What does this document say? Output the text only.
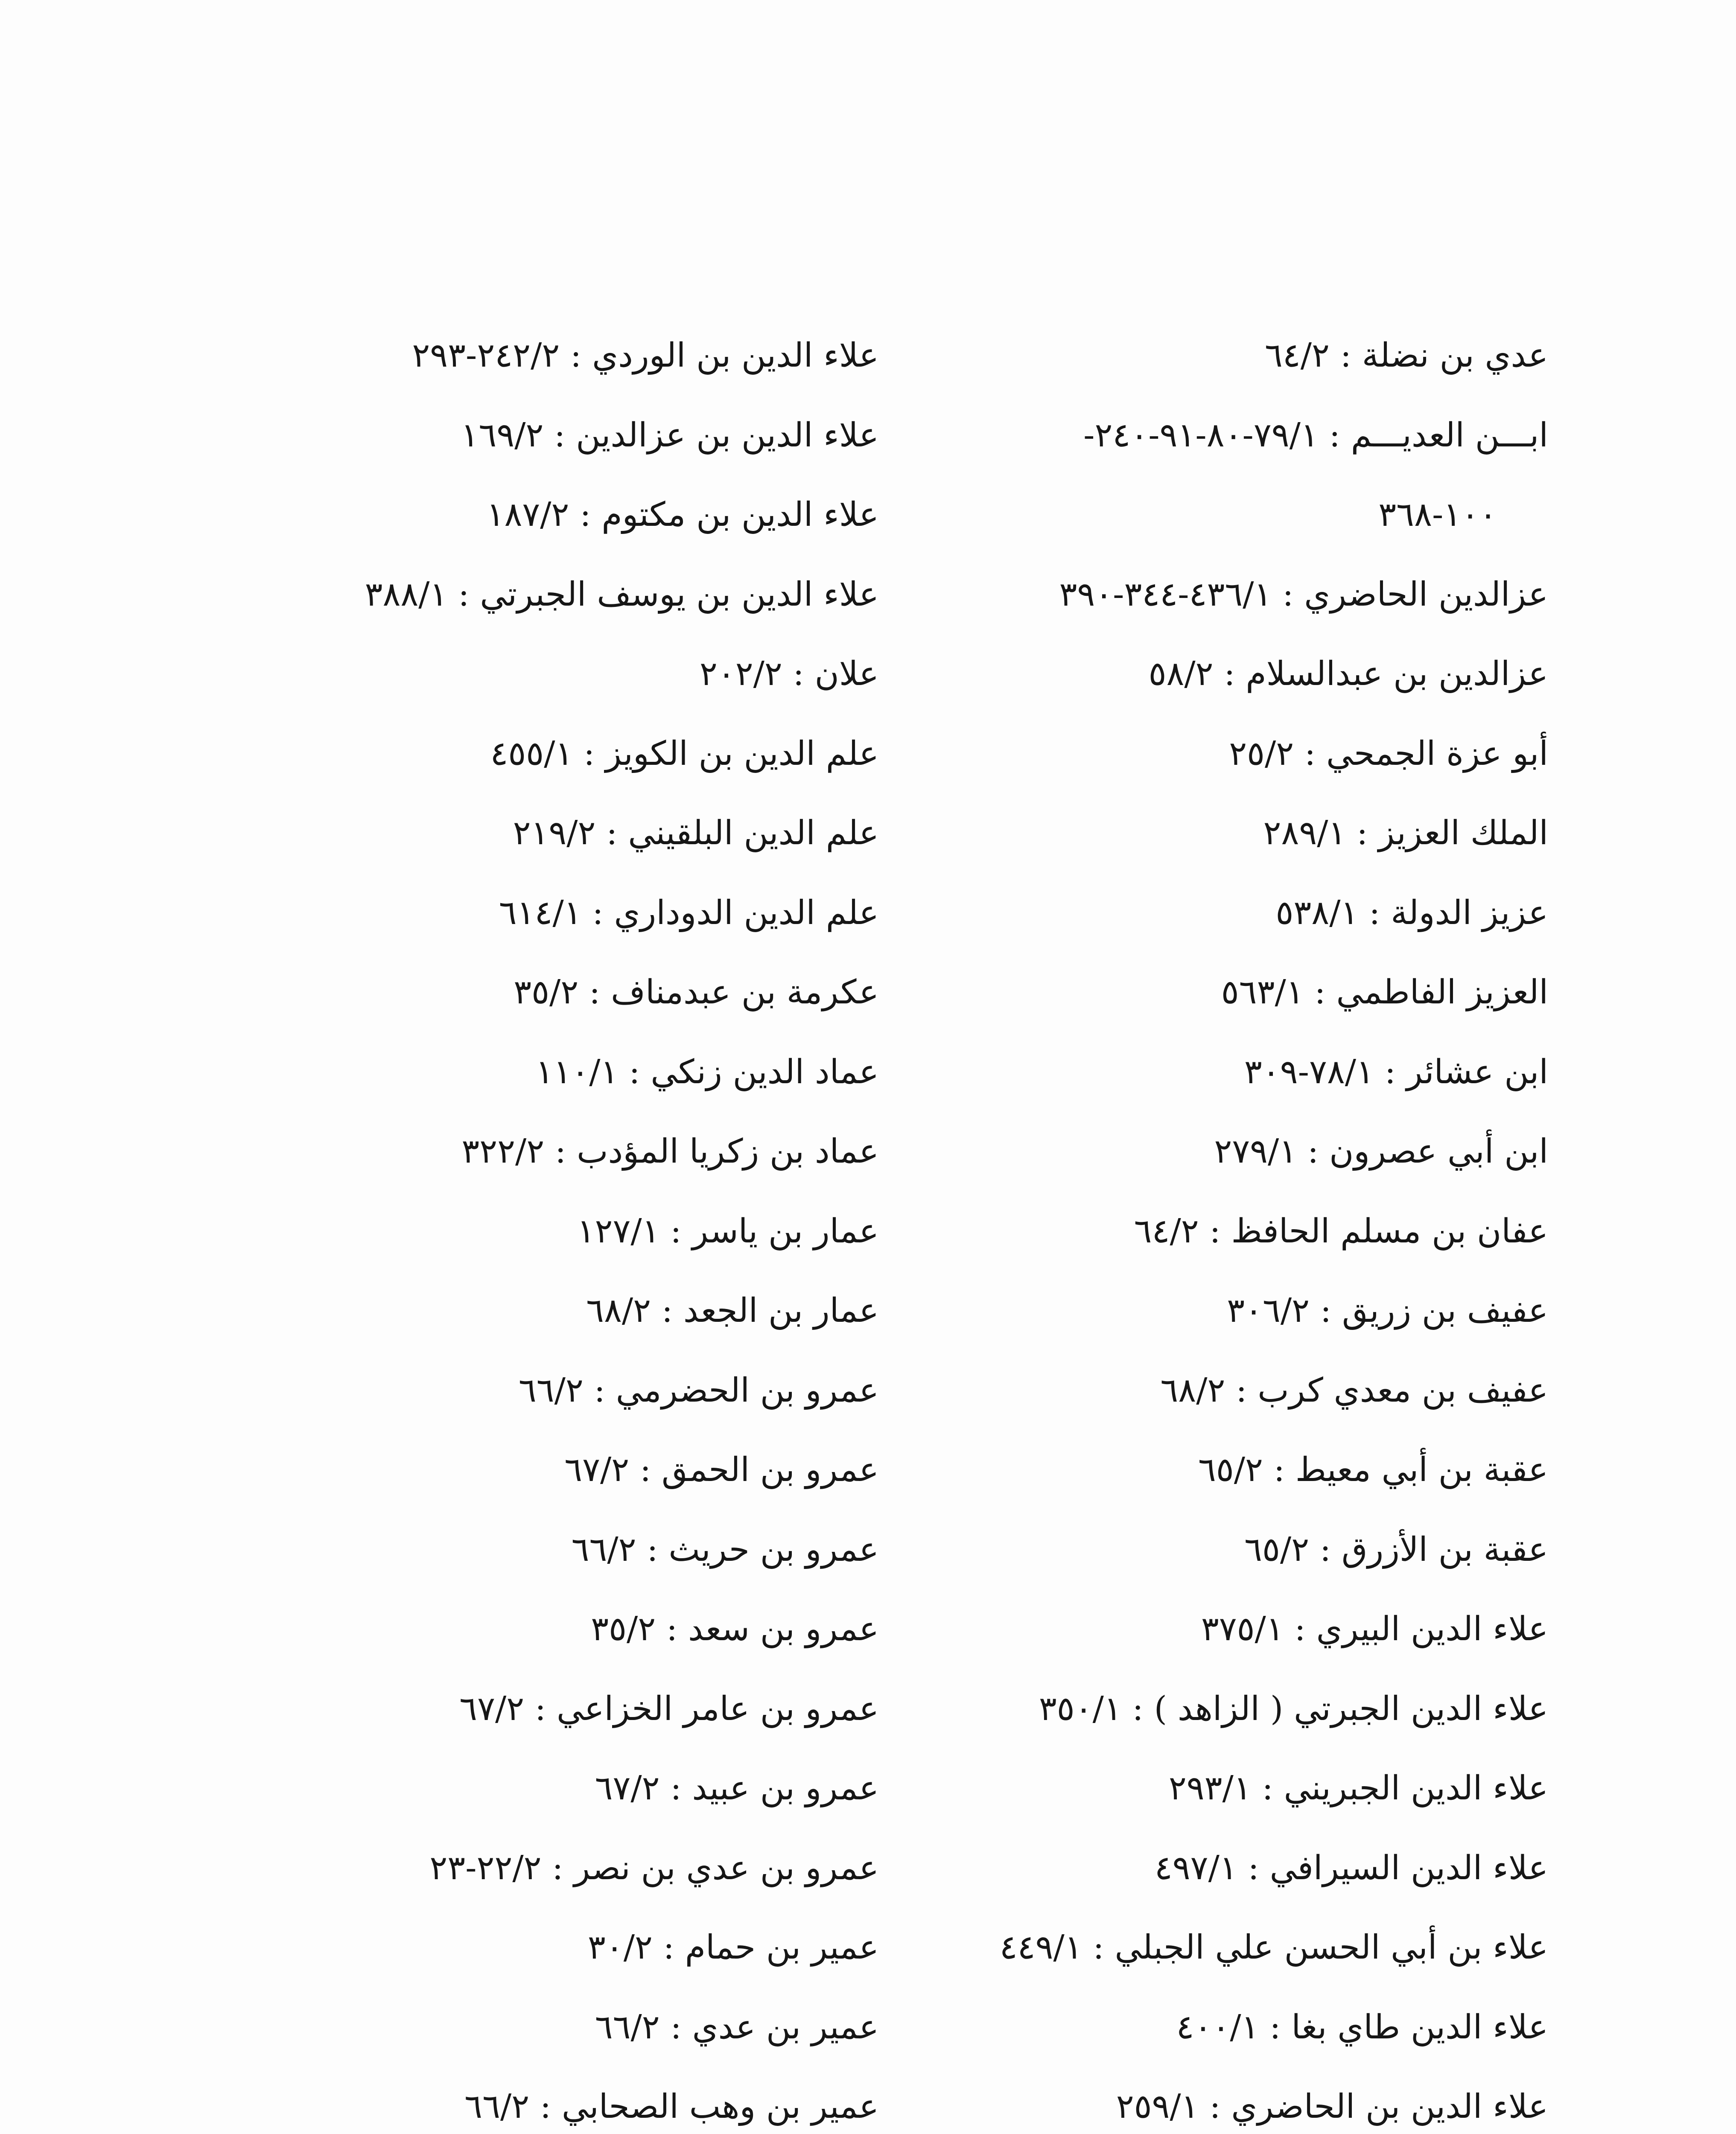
عدي بن نضلة : ٦٤/٢
ابـــن العديـــم : ٧٩/١-٨٠-٩١-٢٤٠-
١٠٠-٣٦٨
عزالدين الحاضري : ٤٣٦/١-٣٤٤-٣٩٠
عزالدين بن عبدالسلام : ٥٨/٢
أبو عزة الجمحي : ٢٥/٢
الملك العزيز : ٢٨٩/١
عزيز الدولة : ٥٣٨/١
العزيز الفاطمي : ٥٦٣/١
ابن عشائر : ٧٨/١-٣٠٩
ابن أبي عصرون : ٢٧٩/١
عفان بن مسلم الحافظ : ٦٤/٢
عفيف بن زريق : ٣٠٦/٢
عفيف بن معدي كرب : ٦٨/٢
عقبة بن أبي معيط : ٦٥/٢
عقبة بن الأزرق : ٦٥/٢
علاء الدين البيري : ٣٧٥/١
علاء الدين الجبرتي ( الزاهد ) : ٣٥٠/١
علاء الدين الجبريني : ٢٩٣/١
علاء الدين السيرافي : ٤٩٧/١
علاء بن أبي الحسن علي الجبلي : ٤٤٩/١
علاء الدين طاي بغا : ٤٠٠/١
علاء الدين بن الحاضري : ٢٥٩/١
علاء الدين بن الوردي : ٢٤٢/٢-٢٩٣
علاء الدين بن عزالدين : ١٦٩/٢
علاء الدين بن مكتوم : ١٨٧/٢
علاء الدين بن يوسف الجبرتي : ٣٨٨/١
علان : ٢٠٢/٢
علم الدين بن الكويز : ٤٥٥/١
علم الدين البلقيني : ٢١٩/٢
علم الدين الدوداري : ٦١٤/١
عكرمة بن عبدمناف : ٣٥/٢
عماد الدين زنكي : ١١٠/١
عماد بن زكريا المؤدب : ٣٢٢/٢
عمار بن ياسر : ١٢٧/١
عمار بن الجعد : ٦٨/٢
عمرو بن الحضرمي : ٦٦/٢
عمرو بن الحمق : ٦٧/٢
عمرو بن حريث : ٦٦/٢
عمرو بن سعد : ٣٥/٢
عمرو بن عامر الخزاعي : ٦٧/٢
عمرو بن عبيد : ٦٧/٢
عمرو بن عدي بن نصر : ٢٢/٢-٢٣
عمير بن حمام : ٣٠/٢
عمير بن عدي : ٦٦/٢
عمير بن وهب الصحابي : ٦٦/٢
